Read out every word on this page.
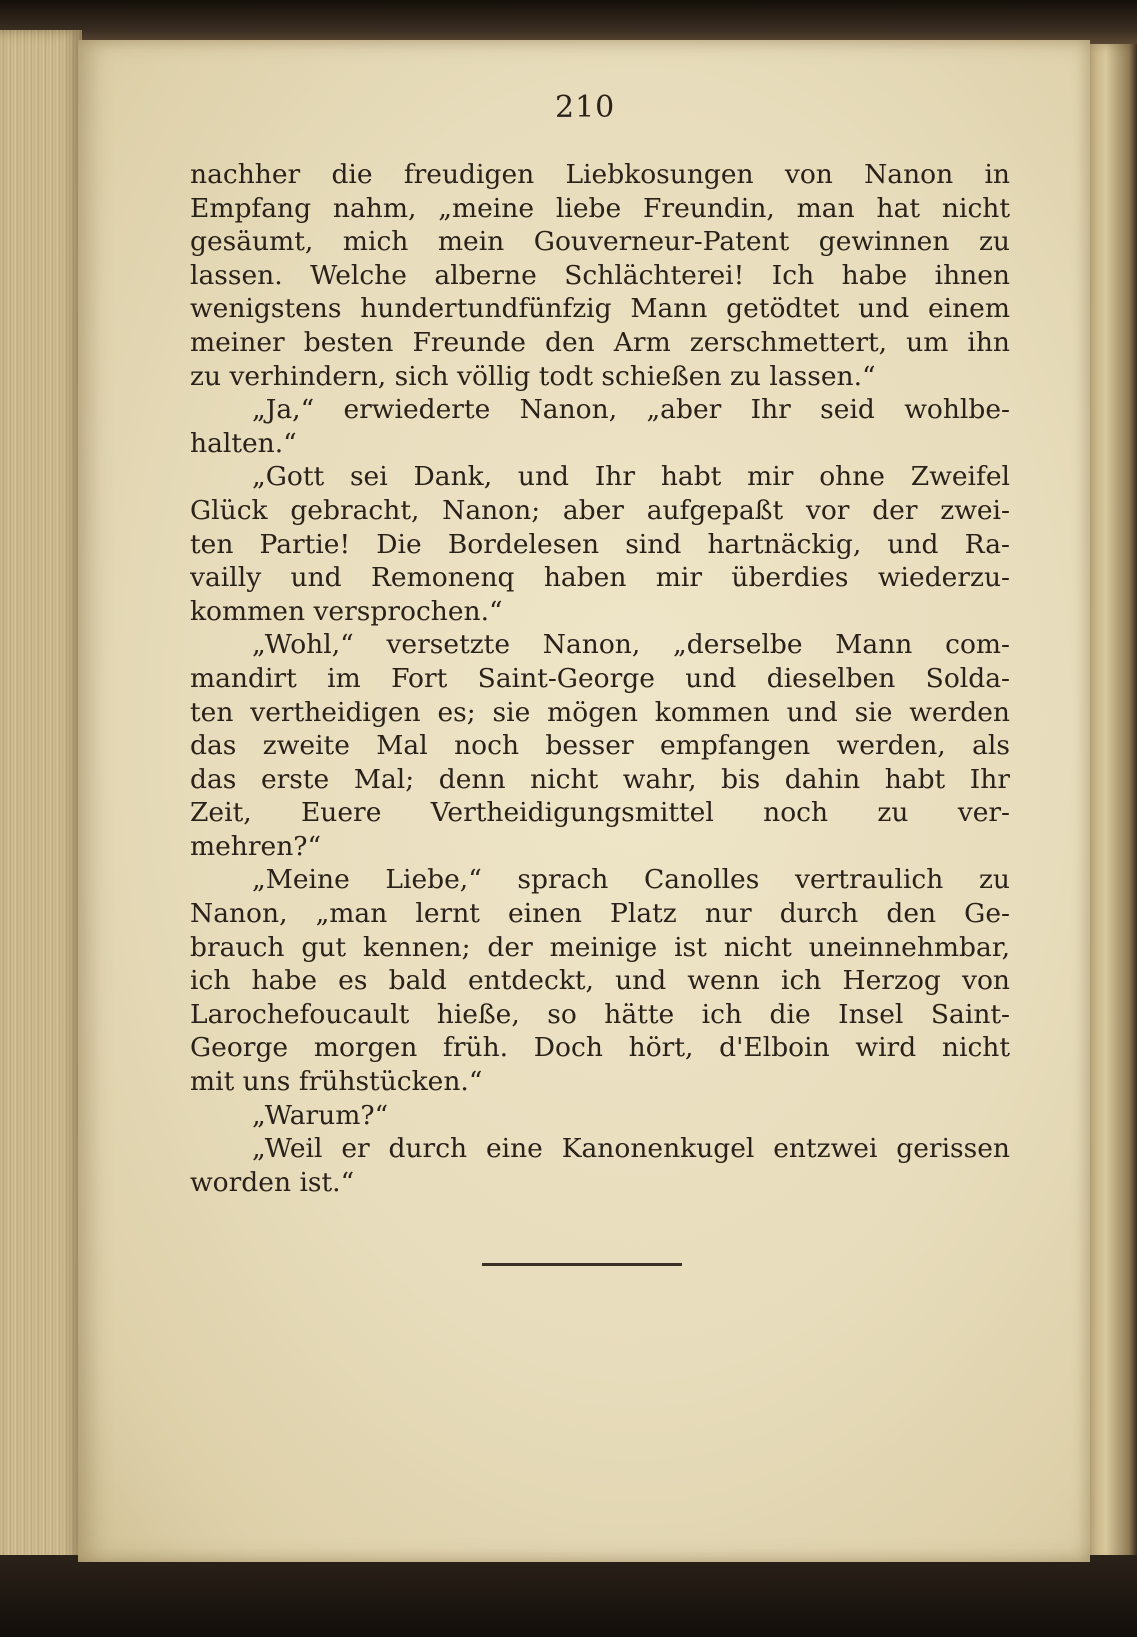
210
nachher die freudigen Liebkosungen von Nanon in
Empfang nahm, „meine liebe Freundin, man hat nicht
gesäumt, mich mein Gouverneur-Patent gewinnen zu
lassen. Welche alberne Schlächterei! Ich habe ihnen
wenigstens hundertundfünfzig Mann getödtet und einem
meiner besten Freunde den Arm zerschmettert, um ihn
zu verhindern, sich völlig todt schießen zu lassen.“
„Ja,“ erwiederte Nanon, „aber Ihr seid wohlbe-
halten.“
„Gott sei Dank, und Ihr habt mir ohne Zweifel
Glück gebracht, Nanon; aber aufgepaßt vor der zwei-
ten Partie! Die Bordelesen sind hartnäckig, und Ra-
vailly und Remonenq haben mir überdies wiederzu-
kommen versprochen.“
„Wohl,“ versetzte Nanon, „derselbe Mann com-
mandirt im Fort Saint-George und dieselben Solda-
ten vertheidigen es; sie mögen kommen und sie werden
das zweite Mal noch besser empfangen werden, als
das erste Mal; denn nicht wahr, bis dahin habt Ihr
Zeit, Euere Vertheidigungsmittel noch zu ver-
mehren?“
„Meine Liebe,“ sprach Canolles vertraulich zu
Nanon, „man lernt einen Platz nur durch den Ge-
brauch gut kennen; der meinige ist nicht uneinnehmbar,
ich habe es bald entdeckt, und wenn ich Herzog von
Larochefoucault hieße, so hätte ich die Insel Saint-
George morgen früh. Doch hört, d'Elboin wird nicht
mit uns frühstücken.“
„Warum?“
„Weil er durch eine Kanonenkugel entzwei gerissen
worden ist.“
